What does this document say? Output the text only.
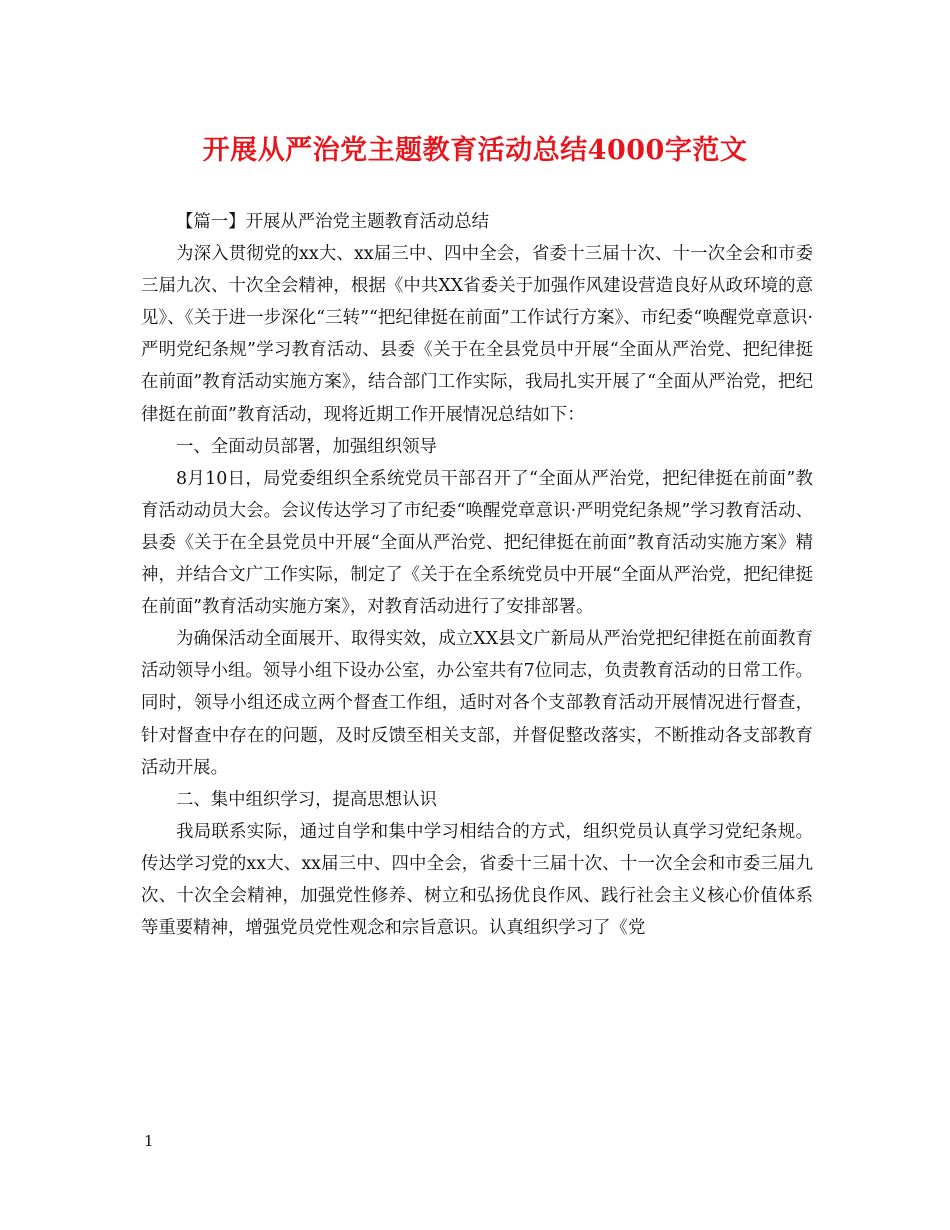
开展从严治党主题教育活动总结4000字范文

【篇一】开展从严治党主题教育活动总结

为深入贯彻党的xx大、xx届三中、四中全会，省委十三届十次、十一次全会和市委三届九次、十次全会精神，根据《中共XX省委关于加强作风建设营造良好从政环境的意见》、《关于进一步深化“三转”“把纪律挺在前面”工作试行方案》、市纪委“唤醒党章意识·严明党纪条规”学习教育活动、县委《关于在全县党员中开展“全面从严治党、把纪律挺在前面”教育活动实施方案》，结合部门工作实际，我局扎实开展了“全面从严治党，把纪律挺在前面”教育活动，现将近期工作开展情况总结如下：

一、全面动员部署，加强组织领导

8月10日，局党委组织全系统党员干部召开了“全面从严治党，把纪律挺在前面”教育活动动员大会。会议传达学习了市纪委“唤醒党章意识·严明党纪条规”学习教育活动、县委《关于在全县党员中开展“全面从严治党、把纪律挺在前面”教育活动实施方案》精神，并结合文广工作实际，制定了《关于在全系统党员中开展“全面从严治党，把纪律挺在前面”教育活动实施方案》，对教育活动进行了安排部署。

为确保活动全面展开、取得实效，成立XX县文广新局从严治党把纪律挺在前面教育活动领导小组。领导小组下设办公室，办公室共有7位同志，负责教育活动的日常工作。同时，领导小组还成立两个督查工作组，适时对各个支部教育活动开展情况进行督查，针对督查中存在的问题，及时反馈至相关支部，并督促整改落实，不断推动各支部教育活动开展。

二、集中组织学习，提高思想认识

我局联系实际，通过自学和集中学习相结合的方式，组织党员认真学习党纪条规。传达学习党的xx大、xx届三中、四中全会，省委十三届十次、十一次全会和市委三届九次、十次全会精神，加强党性修养、树立和弘扬优良作风、践行社会主义核心价值体系等重要精神，增强党员党性观念和宗旨意识。认真组织学习了《党

1
